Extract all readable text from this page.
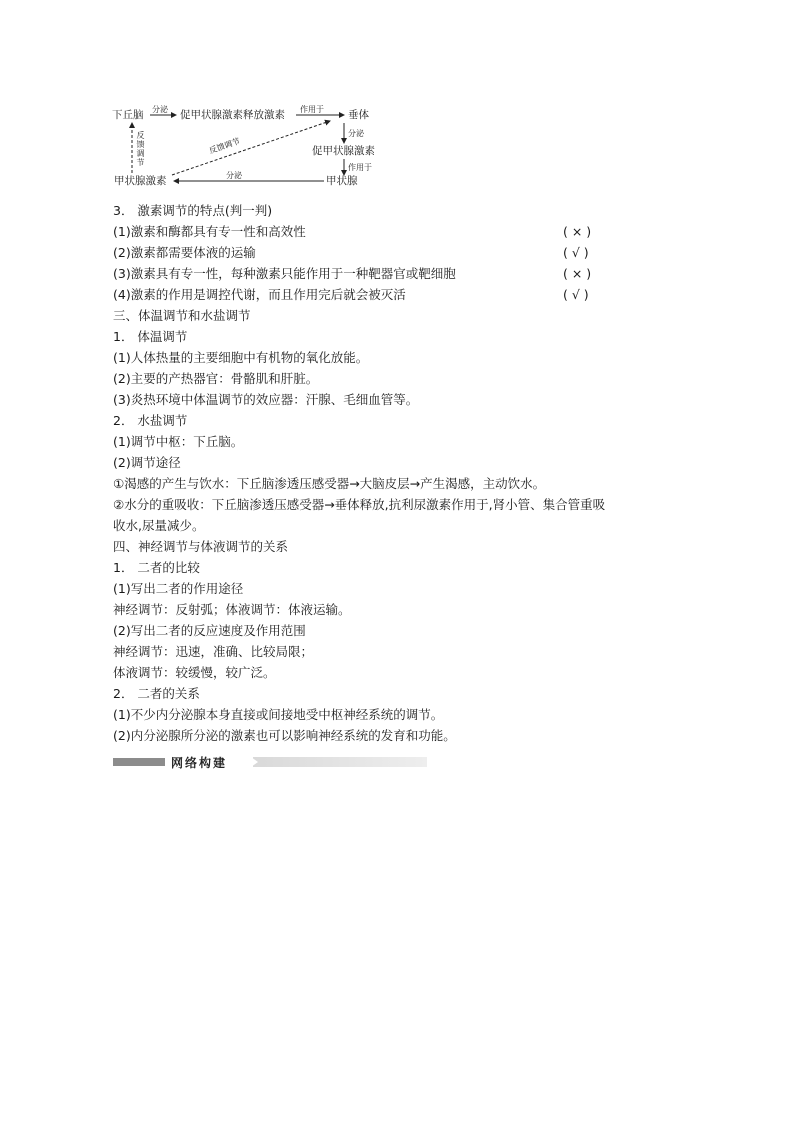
下丘脑 分泌 促甲状腺激素释放激素 作用于 垂体
分泌
促甲状腺激素
作用于
甲状腺
分泌
甲状腺激素
反馈调节
反馈调节
3． 激素调节的特点(判一判)
(1)激素和酶都具有专一性和高效性	( × )
(2)激素都需要体液的运输	( √ )
(3)激素具有专一性，每种激素只能作用于一种靶器官或靶细胞	( × )
(4)激素的作用是调控代谢，而且作用完后就会被灭活	( √ )
三、体温调节和水盐调节
1． 体温调节
(1)人体热量的主要细胞中有机物的氧化放能。
(2)主要的产热器官：骨骼肌和肝脏。
(3)炎热环境中体温调节的效应器：汗腺、毛细血管等。
2． 水盐调节
(1)调节中枢：下丘脑。
(2)调节途径
①渴感的产生与饮水：下丘脑渗透压感受器→大脑皮层→产生渴感，主动饮水。
②水分的重吸收：下丘脑渗透压感受器→垂体释放,抗利尿激素作用于,肾小管、集合管重吸
收水,尿量减少。
四、神经调节与体液调节的关系
1． 二者的比较
(1)写出二者的作用途径
神经调节：反射弧；体液调节：体液运输。
(2)写出二者的反应速度及作用范围
神经调节：迅速，准确、比较局限；
体液调节：较缓慢，较广泛。
2． 二者的关系
(1)不少内分泌腺本身直接或间接地受中枢神经系统的调节。
(2)内分泌腺所分泌的激素也可以影响神经系统的发育和功能。
网络构建
